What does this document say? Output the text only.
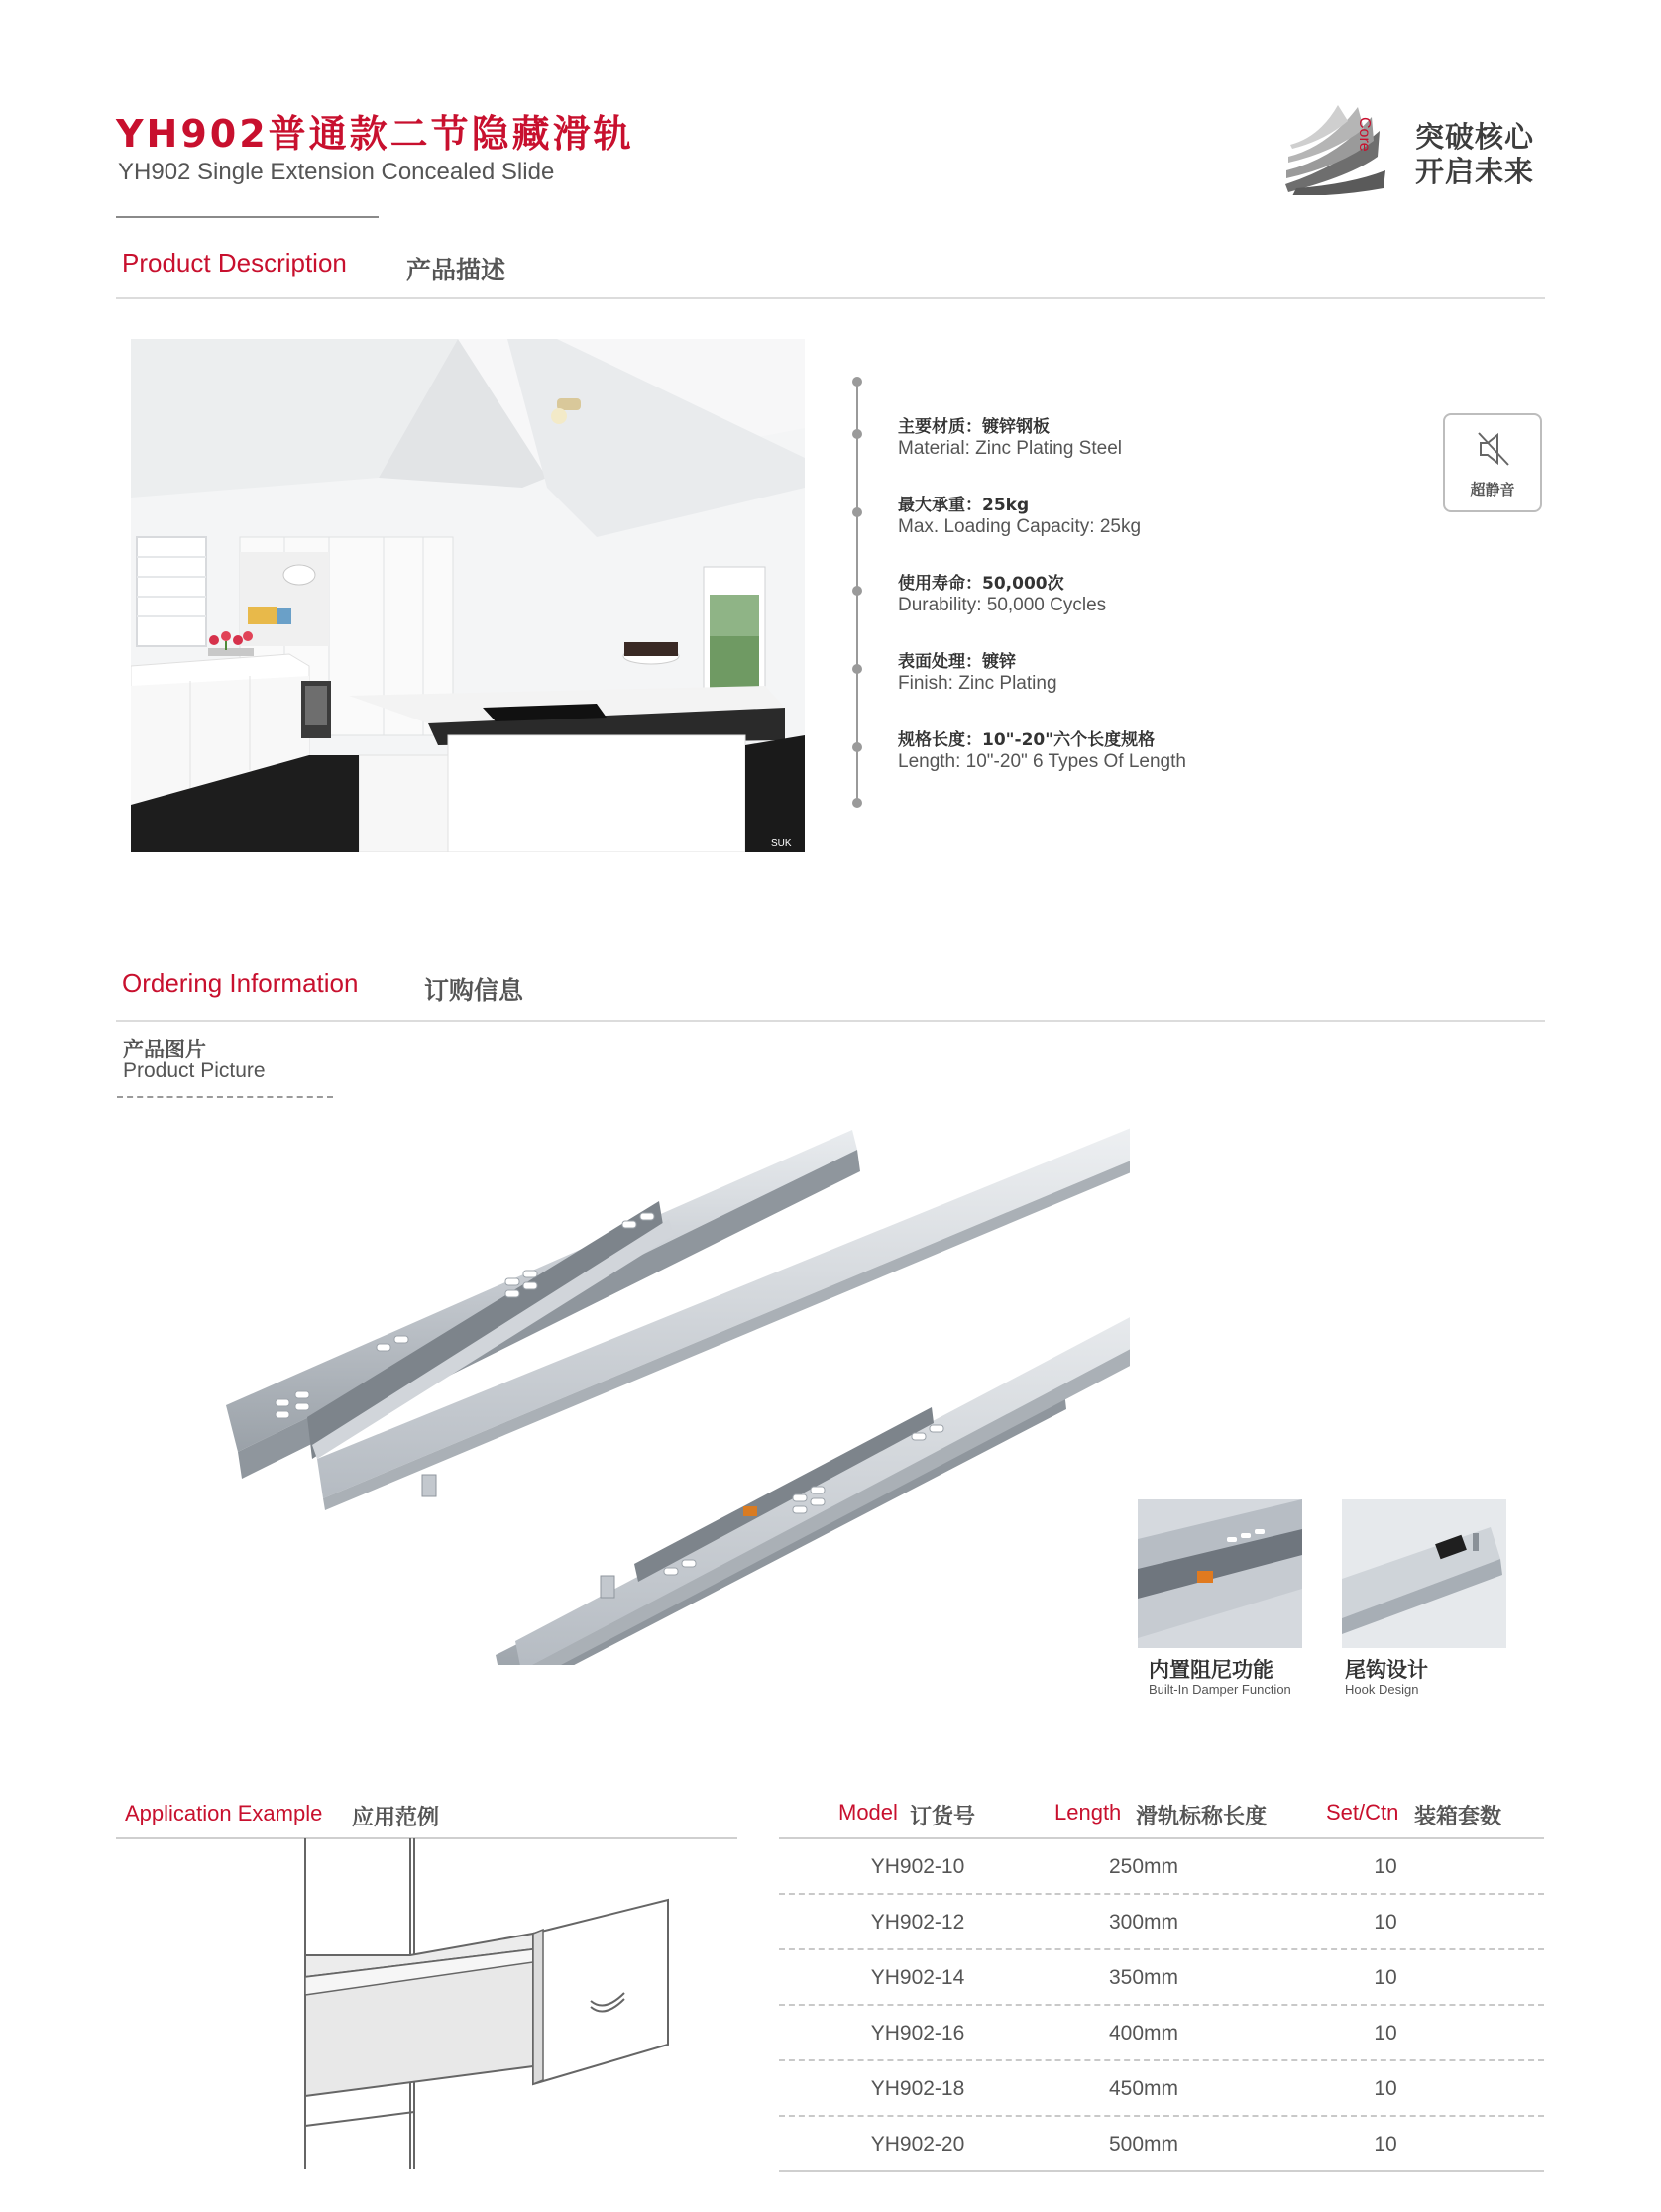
YH902普通款二节隐藏滑轨
YH902 Single Extension Concealed Slide
Core 突破核心
开启未来
Product Description 产品描述
SUK
主要材质：镀锌钢板
Material: Zinc Plating Steel
最大承重：25kg
Max. Loading Capacity: 25kg
使用寿命：50,000次
Durability: 50,000 Cycles
表面处理：镀锌
Finish: Zinc Plating
规格长度：10"-20"六个长度规格
Length: 10"-20" 6 Types Of Length
超静音
Ordering Information	订购信息
产品图片
Product Picture
内置阻尼功能
Built-In Damper Function
尾钩设计
Hook Design
Application Example 应用范例	Model 订货号	Length 滑轨标称长度	Set/Ctn 装箱套数
YH902-10	250mm	10
YH902-12	300mm	10
YH902-14	350mm	10
YH902-16	400mm	10
YH902-18	450mm	10
YH902-20	500mm	10
